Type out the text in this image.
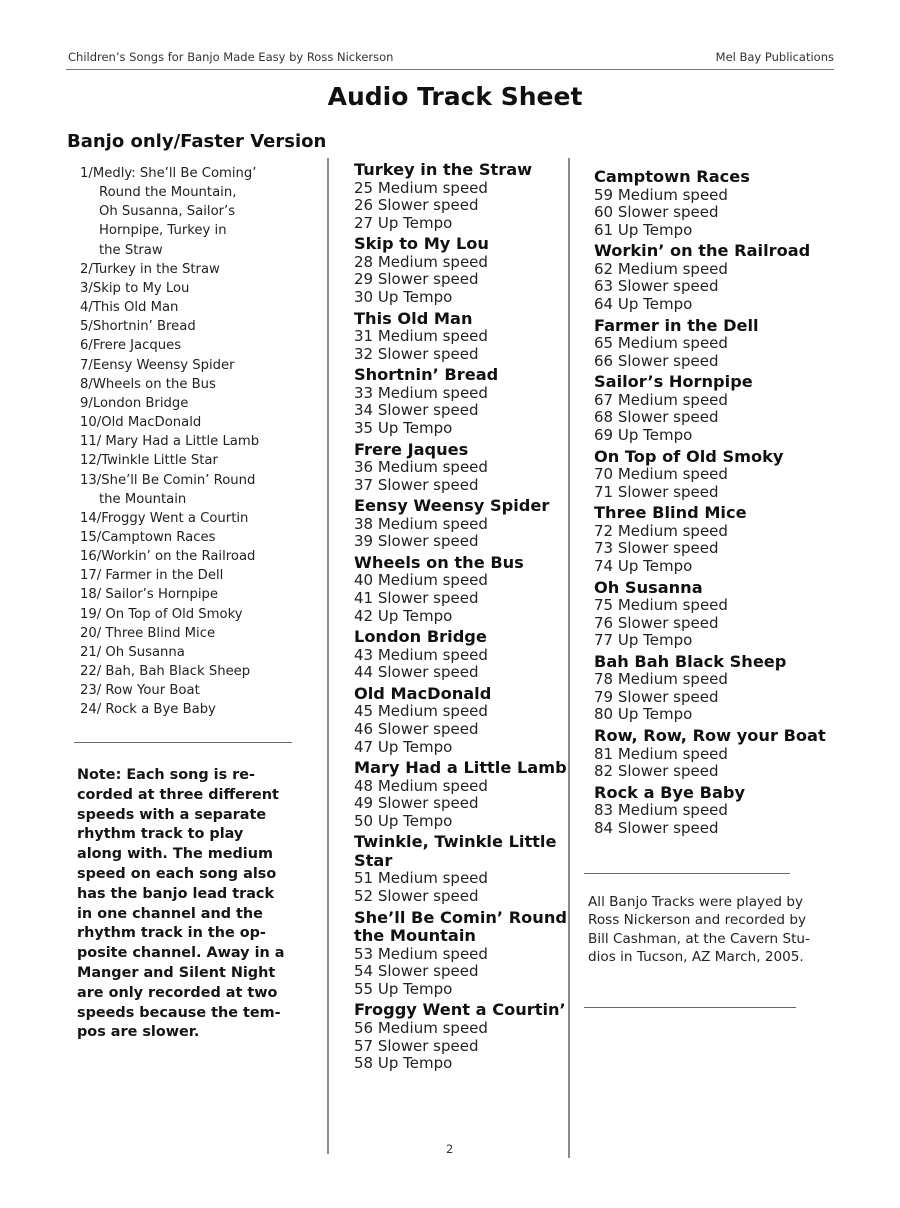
Children’s Songs for Banjo Made Easy by Ross Nickerson	Mel Bay Publications
Audio Track Sheet
Banjo only/Faster Version
1/Medly: She’ll Be Coming’
Round the Mountain,
Oh Susanna, Sailor’s
Hornpipe, Turkey in
the Straw
2/Turkey in the Straw
3/Skip to My Lou
4/This Old Man
5/Shortnin’ Bread
6/Frere Jacques
7/Eensy Weensy Spider
8/Wheels on the Bus
9/London Bridge
10/Old MacDonald
11/ Mary Had a Little Lamb
12/Twinkle Little Star
13/She’ll Be Comin’ Round
the Mountain
14/Froggy Went a Courtin
15/Camptown Races
16/Workin’ on the Railroad
17/ Farmer in the Dell
18/ Sailor’s Hornpipe
19/ On Top of Old Smoky
20/ Three Blind Mice
21/ Oh Susanna
22/ Bah, Bah Black Sheep
23/ Row Your Boat
24/ Rock a Bye Baby
Note: Each song is re-
corded at three different
speeds with a separate
rhythm track to play
along with. The medium
speed on each song also
has the banjo lead track
in one channel and the
rhythm track in the op-
posite channel. Away in a
Manger and Silent Night
are only recorded at two
speeds because the tem-
pos are slower.
Turkey in the Straw
25 Medium speed
26 Slower speed
27 Up Tempo
Skip to My Lou
28 Medium speed
29 Slower speed
30 Up Tempo
This Old Man
31 Medium speed
32 Slower speed
Shortnin’ Bread
33 Medium speed
34 Slower speed
35 Up Tempo
Frere Jaques
36 Medium speed
37 Slower speed
Eensy Weensy Spider
38 Medium speed
39 Slower speed
Wheels on the Bus
40 Medium speed
41 Slower speed
42 Up Tempo
London Bridge
43 Medium speed
44 Slower speed
Old MacDonald
45 Medium speed
46 Slower speed
47 Up Tempo
Mary Had a Little Lamb
48 Medium speed
49 Slower speed
50 Up Tempo
Twinkle, Twinkle Little
Star
51 Medium speed
52 Slower speed
She’ll Be Comin’ Round
the Mountain
53 Medium speed
54 Slower speed
55 Up Tempo
Froggy Went a Courtin’
56 Medium speed
57 Slower speed
58 Up Tempo
Camptown Races
59 Medium speed
60 Slower speed
61 Up Tempo
Workin’ on the Railroad
62 Medium speed
63 Slower speed
64 Up Tempo
Farmer in the Dell
65 Medium speed
66 Slower speed
Sailor’s Hornpipe
67 Medium speed
68 Slower speed
69 Up Tempo
On Top of Old Smoky
70 Medium speed
71 Slower speed
Three Blind Mice
72 Medium speed
73 Slower speed
74 Up Tempo
Oh Susanna
75 Medium speed
76 Slower speed
77 Up Tempo
Bah Bah Black Sheep
78 Medium speed
79 Slower speed
80 Up Tempo
Row, Row, Row your Boat
81 Medium speed
82 Slower speed
Rock a Bye Baby
83 Medium speed
84 Slower speed
All Banjo Tracks were played by
Ross Nickerson and recorded by
Bill Cashman, at the Cavern Stu-
dios in Tucson, AZ March, 2005.
2
